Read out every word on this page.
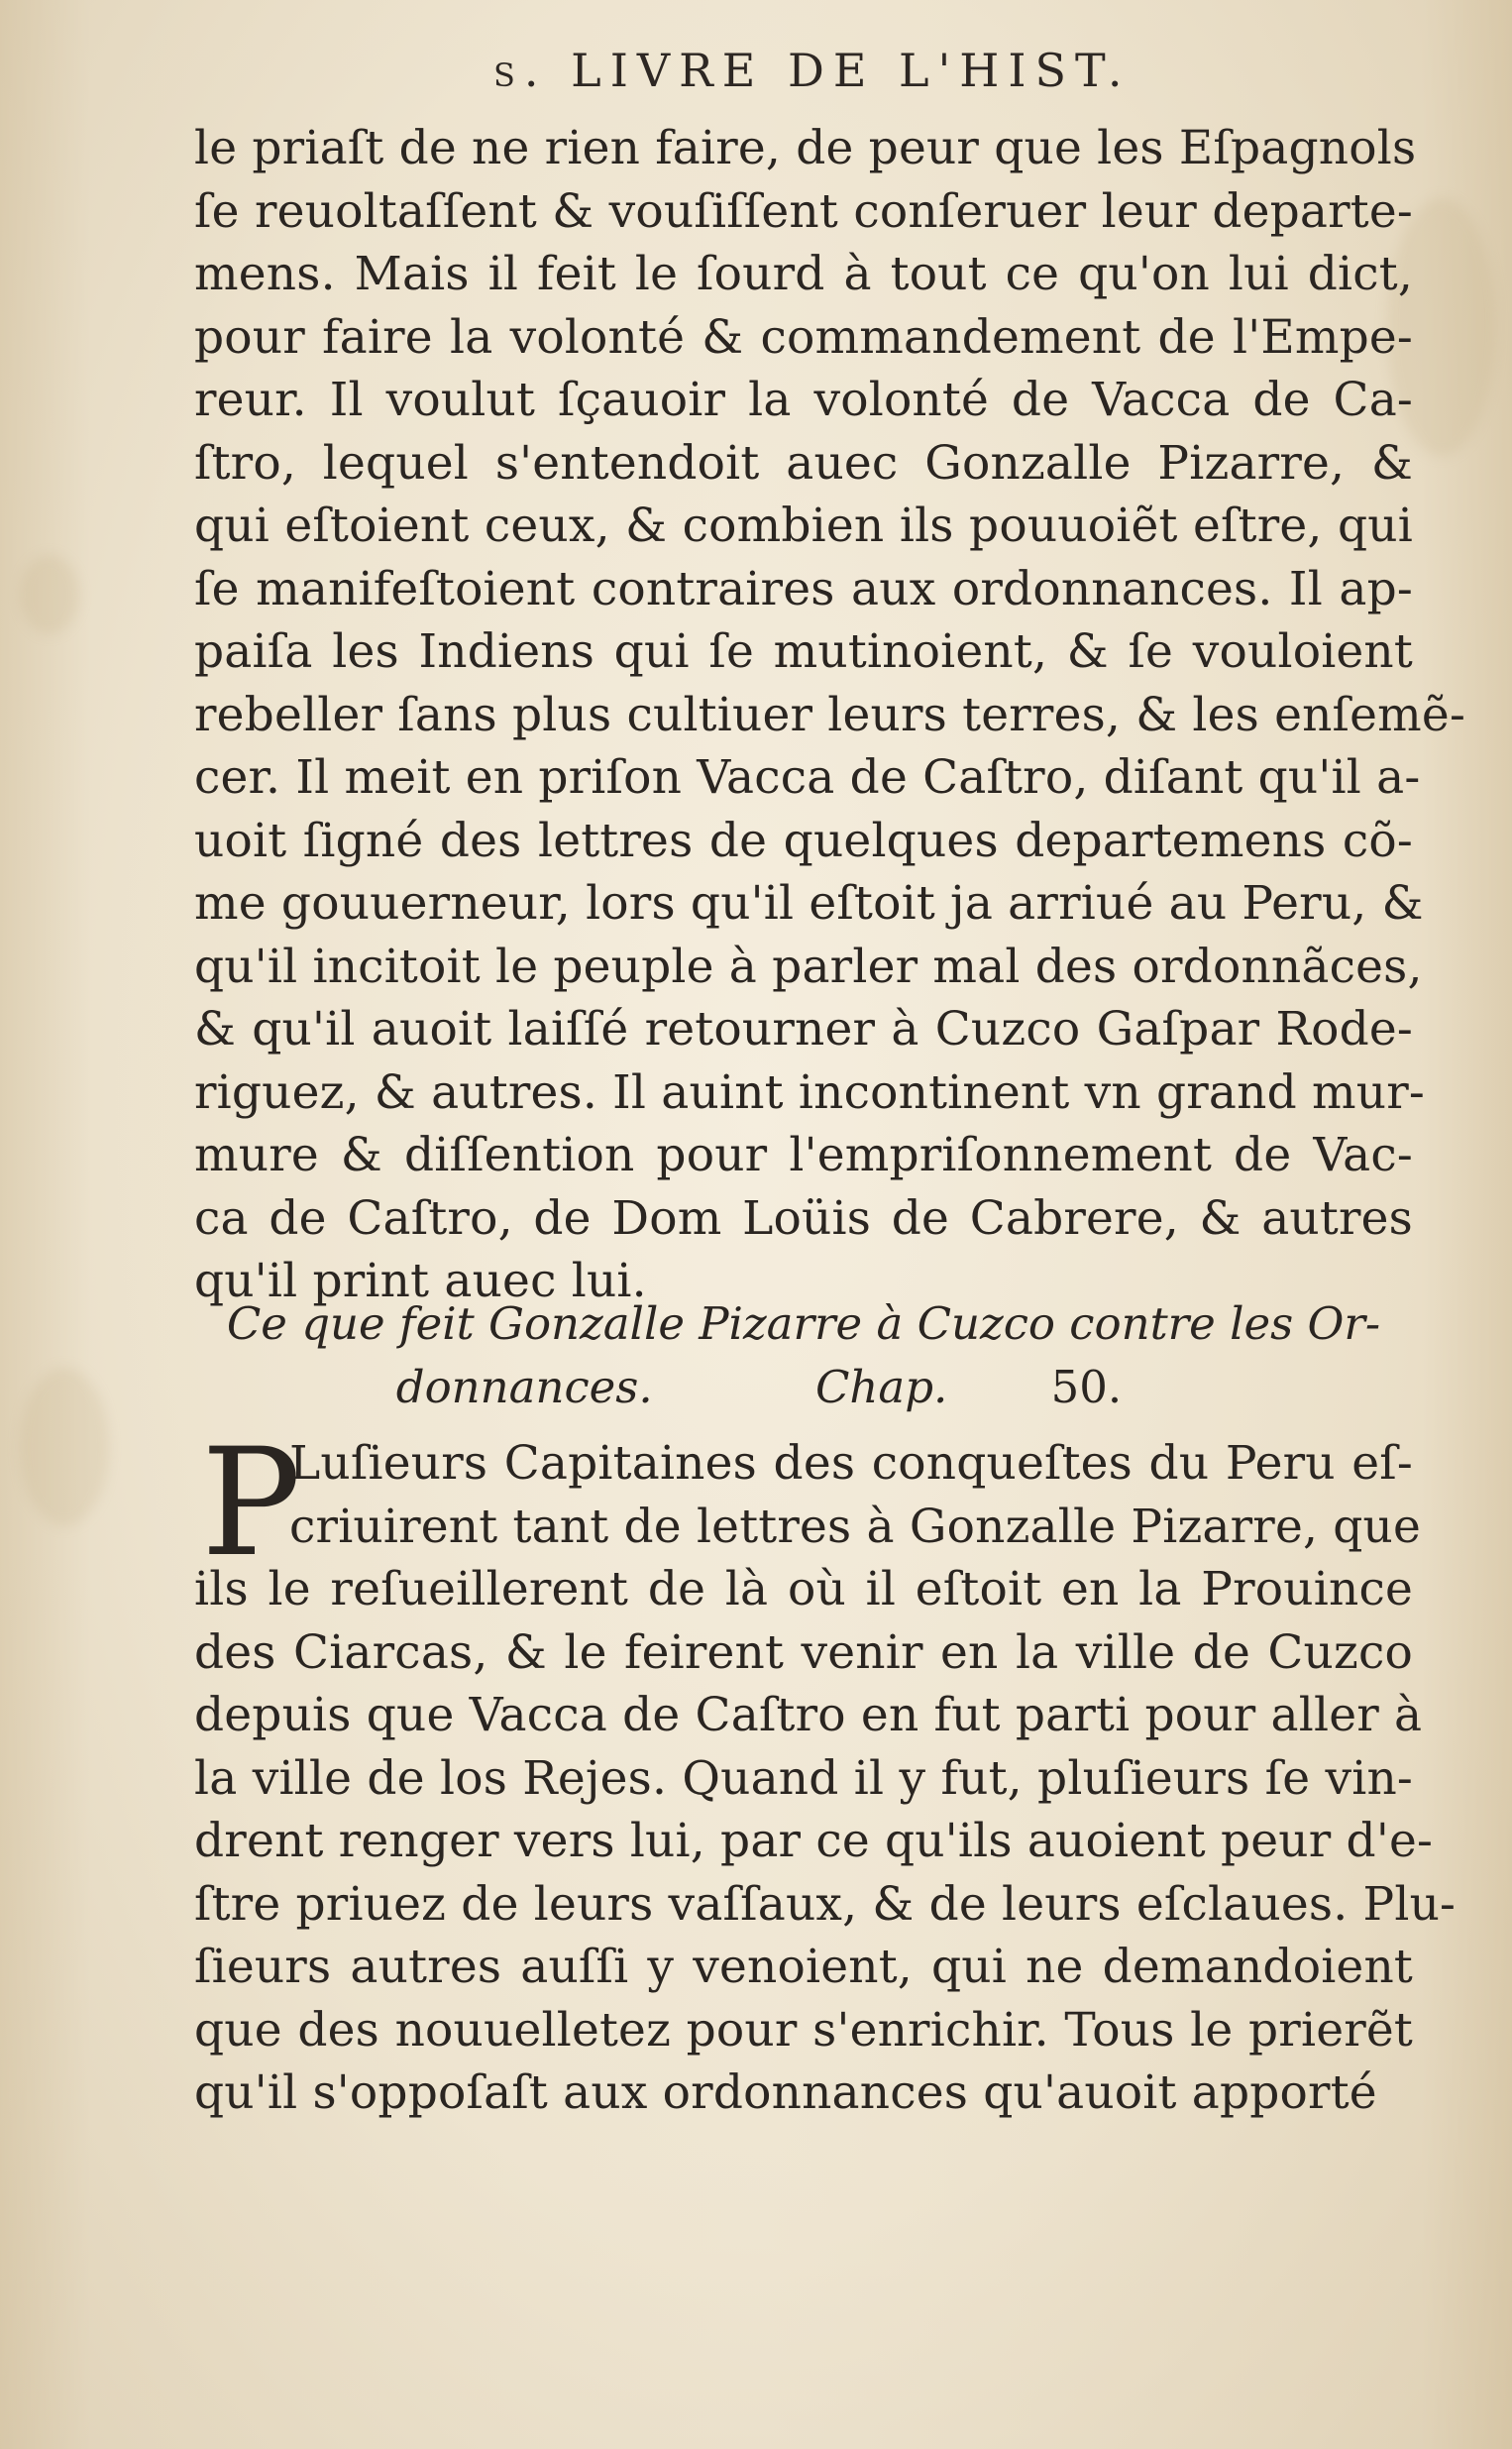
ſ. LIVRE DE L'HIST.
le priaſt de ne rien faire, de peur que les Eſpagnols
ſe reuoltaſſent & vouſiſſent conſeruer leur departe-
mens. Mais il feit le ſourd à tout ce qu'on lui dict,
pour faire la volonté & commandement de l'Empe-
reur. Il voulut ſçauoir la volonté de Vacca de Ca-
ſtro, lequel s'entendoit auec Gonzalle Pizarre, &
qui eſtoient ceux, & combien ils pouuoiẽt eſtre, qui
ſe manifeſtoient contraires aux ordonnances. Il ap-
paiſa les Indiens qui ſe mutinoient, & ſe vouloient
rebeller ſans plus cultiuer leurs terres, & les enſemẽ-
cer. Il meit en priſon Vacca de Caſtro, diſant qu'il a-
uoit ſigné des lettres de quelques departemens cõ-
me gouuerneur, lors qu'il eſtoit ja arriué au Peru, &
qu'il incitoit le peuple à parler mal des ordonnãces,
& qu'il auoit laiſſé retourner à Cuzco Gaſpar Rode-
riguez, & autres. Il auint incontinent vn grand mur-
mure & diſſention pour l'empriſonnement de Vac-
ca de Caſtro, de Dom Loüis de Cabrere, & autres
qu'il print auec lui.
Ce que feit Gonzalle Pizarre à Cuzco contre les Or-
donnances.	Chap. 50.
P
Luſieurs Capitaines des conqueſtes du Peru eſ-
criuirent tant de lettres à Gonzalle Pizarre, que
ils le reſueillerent de là où il eſtoit en la Prouince
des Ciarcas, & le feirent venir en la ville de Cuzco
depuis que Vacca de Caſtro en fut parti pour aller à
la ville de los Rejes. Quand il y fut, pluſieurs ſe vin-
drent renger vers lui, par ce qu'ils auoient peur d'e-
ſtre priuez de leurs vaſſaux, & de leurs eſclaues. Plu-
ſieurs autres auſſi y venoient, qui ne demandoient
que des nouuelletez pour s'enrichir. Tous le prierẽt
qu'il s'oppoſaſt aux ordonnances qu'auoit apporté
